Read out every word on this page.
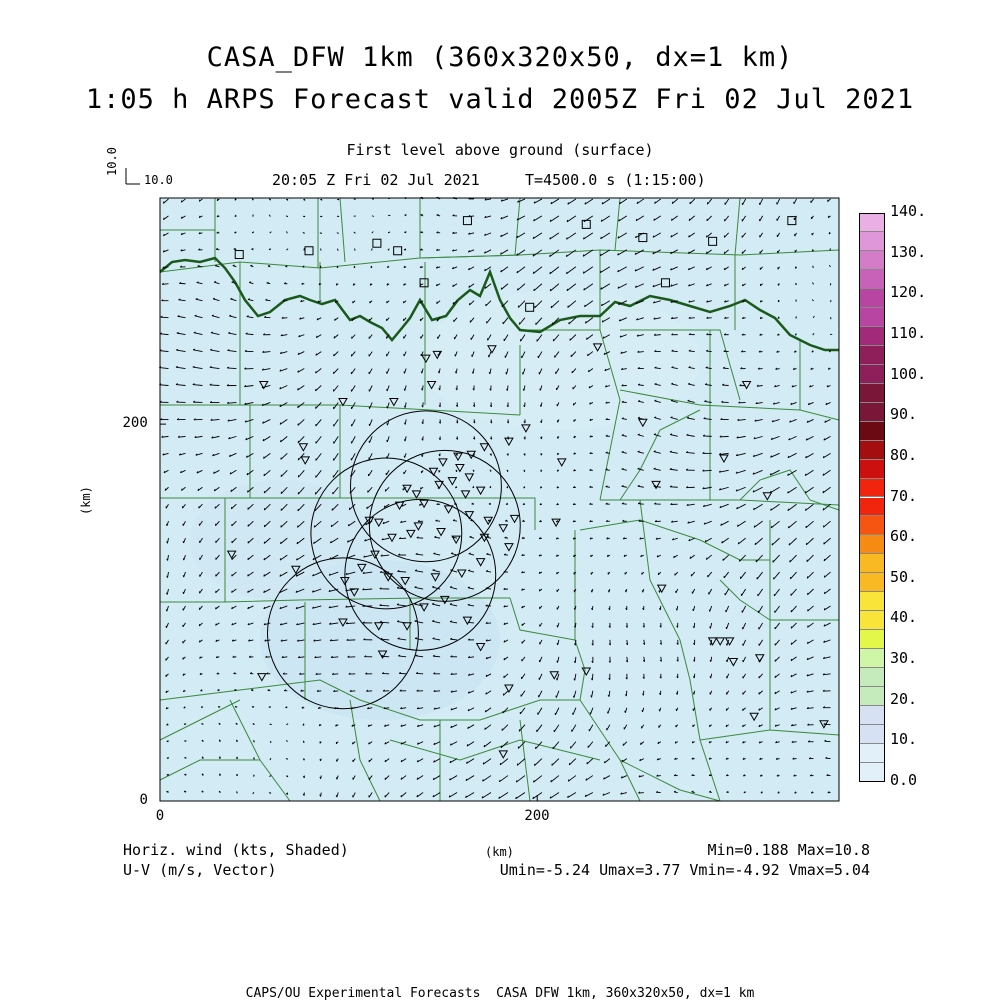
CASA_DFW 1km (360x320x50, dx=1 km)
1:05 h ARPS Forecast valid 2005Z Fri 02 Jul 2021
First level above ground (surface)
20:05 Z Fri 02 Jul 2021	T=4500.0 s (1:15:00)
10.0
10.0
(km)
(km)
0.0
10.
20.
30.
40.
50.
60.
70.
80.
90.
100.
110.
120.
130.
140.
Horiz. wind (kts, Shaded)
U-V (m/s, Vector)
Min=0.188 Max=10.8
Umin=-5.24 Umax=3.77 Vmin=-4.92 Vmax=5.04
CAPS/OU Experimental Forecasts  CASA DFW 1km, 360x320x50, dx=1 km
0	200
0
200
